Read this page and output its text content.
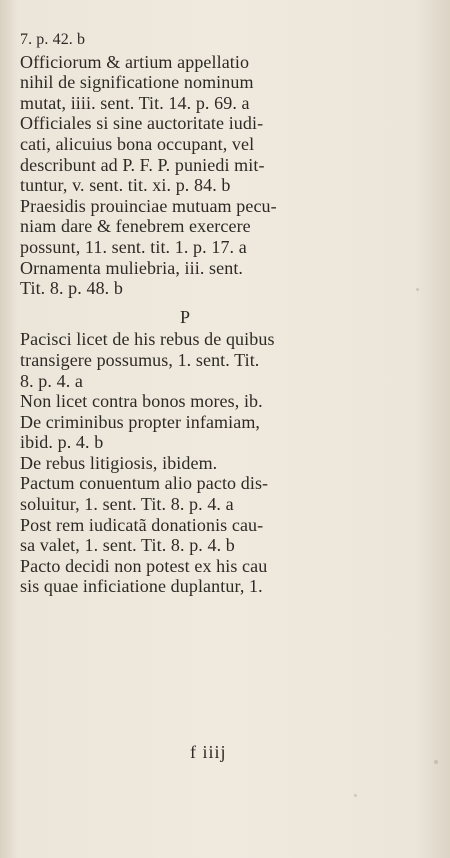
7. p. 42. b
Officiorum & artium appellatio
nihil de significatione nominum
mutat, iiii. sent. Tit. 14. p. 69. a
Officiales si sine auctoritate iudi-
cati, alicuius bona occupant, vel
describunt ad P. F. P. puniedi mit-
tuntur, v. sent. tit. xi. p. 84. b
Praesidis prouinciae mutuam pecu-
niam dare & fenebrem exercere
possunt, 11. sent. tit. 1. p. 17. a
Ornamenta muliebria, iii. sent.
Tit. 8. p. 48. b
P
Pacisci licet de his rebus de quibus
transigere possumus, 1. sent. Tit.
8. p. 4. a
Non licet contra bonos mores, ib.
De criminibus propter infamiam,
ibid. p. 4. b
De rebus litigiosis, ibidem.
Pactum conuentum alio pacto dis-
soluitur, 1. sent. Tit. 8. p. 4. a
Post rem iudicatã donationis cau-
sa valet, 1. sent. Tit. 8. p. 4. b
Pacto decidi non potest ex his cau
sis quae inficiatione duplantur, 1.
f iiij
